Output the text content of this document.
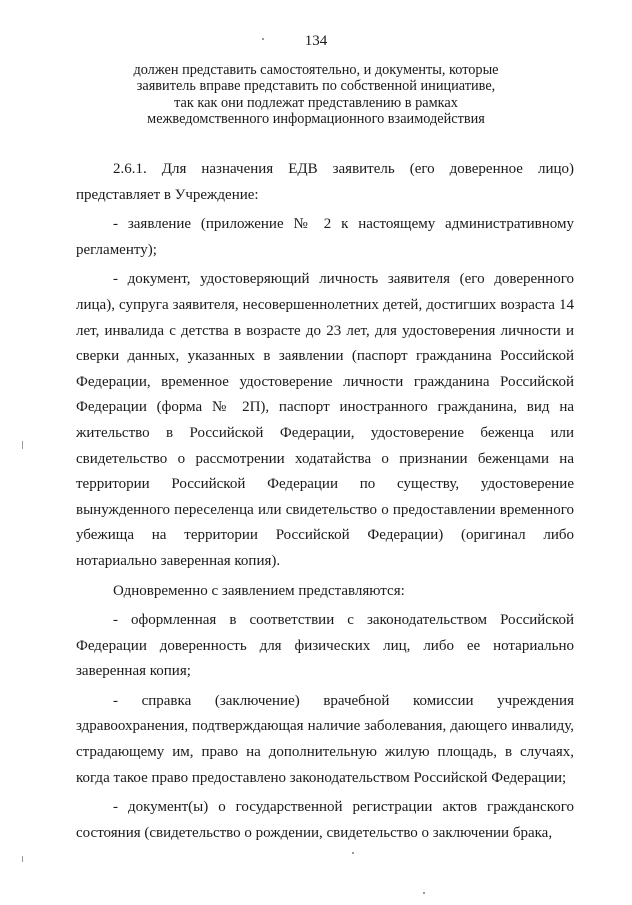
134
должен представить самостоятельно, и документы, которые
заявитель вправе представить по собственной инициативе,
так как они подлежат представлению в рамках
межведомственного информационного взаимодействия

2.6.1. Для назначения ЕДВ заявитель (его доверенное лицо) представляет в Учреждение:

- заявление (приложение № 2 к настоящему административному регламенту);

- документ, удостоверяющий личность заявителя (его доверенного лица), супруга заявителя, несовершеннолетних детей, достигших возраста 14 лет, инвалида с детства в возрасте до 23 лет, для удостоверения личности и сверки данных, указанных в заявлении (паспорт гражданина Российской Федерации, временное удостоверение личности гражданина Российской Федерации (форма № 2П), паспорт иностранного гражданина, вид на жительство в Российской Федерации, удостоверение беженца или свидетельство о рассмотрении ходатайства о признании беженцами на территории Российской Федерации по существу, удостоверение вынужденного переселенца или свидетельство о предоставлении временного убежища на территории Российской Федерации) (оригинал либо нотариально заверенная копия).

Одновременно с заявлением представляются:

- оформленная в соответствии с законодательством Российской Федерации доверенность для физических лиц, либо ее нотариально заверенная копия;

- справка (заключение) врачебной комиссии учреждения здравоохранения, подтверждающая наличие заболевания, дающего инвалиду, страдающему им, право на дополнительную жилую площадь, в случаях, когда такое право предоставлено законодательством Российской Федерации;

- документ(ы) о государственной регистрации актов гражданского состояния (свидетельство о рождении, свидетельство о заключении брака,
